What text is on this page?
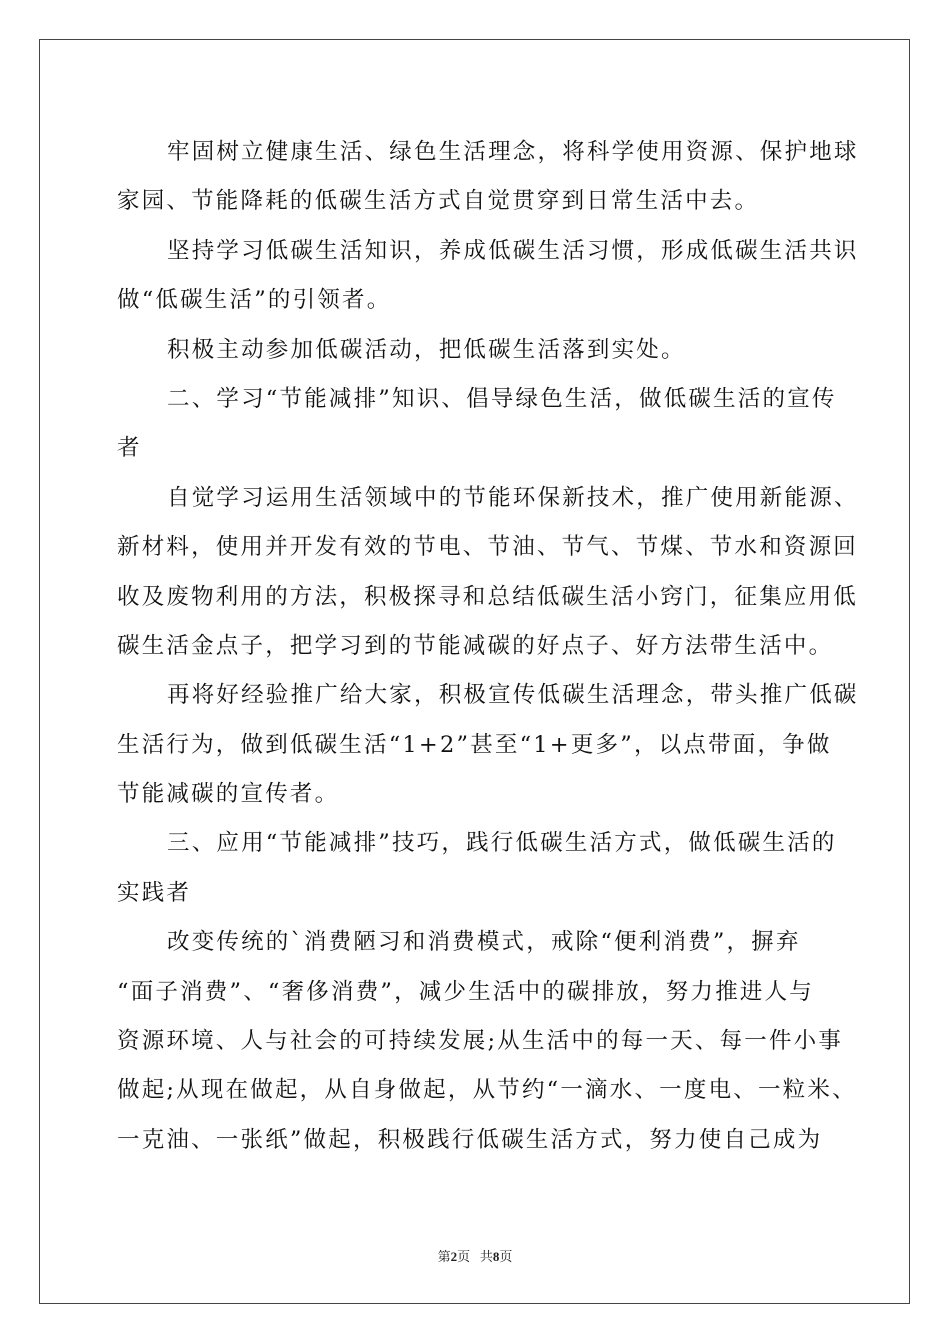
牢固树立健康生活、绿色生活理念，将科学使用资源、保护地球
家园、节能降耗的低碳生活方式自觉贯穿到日常生活中去。
坚持学习低碳生活知识，养成低碳生活习惯，形成低碳生活共识
做“低碳生活”的引领者。
积极主动参加低碳活动，把低碳生活落到实处。
二、学习“节能减排”知识、倡导绿色生活，做低碳生活的宣传
者
自觉学习运用生活领域中的节能环保新技术，推广使用新能源、
新材料，使用并开发有效的节电、节油、节气、节煤、节水和资源回
收及废物利用的方法，积极探寻和总结低碳生活小窍门，征集应用低
碳生活金点子，把学习到的节能减碳的好点子、好方法带生活中。
再将好经验推广给大家，积极宣传低碳生活理念，带头推广低碳
生活行为，做到低碳生活“1+2”甚至“1+更多”，以点带面，争做
节能减碳的宣传者。
三、应用“节能减排”技巧，践行低碳生活方式，做低碳生活的
实践者
改变传统的`消费陋习和消费模式，戒除“便利消费”，摒弃
“面子消费”、“奢侈消费”，减少生活中的碳排放，努力推进人与
资源环境、人与社会的可持续发展;从生活中的每一天、每一件小事
做起;从现在做起，从自身做起，从节约“一滴水、一度电、一粒米、
一克油、一张纸”做起，积极践行低碳生活方式，努力使自己成为
第2页 共8页
